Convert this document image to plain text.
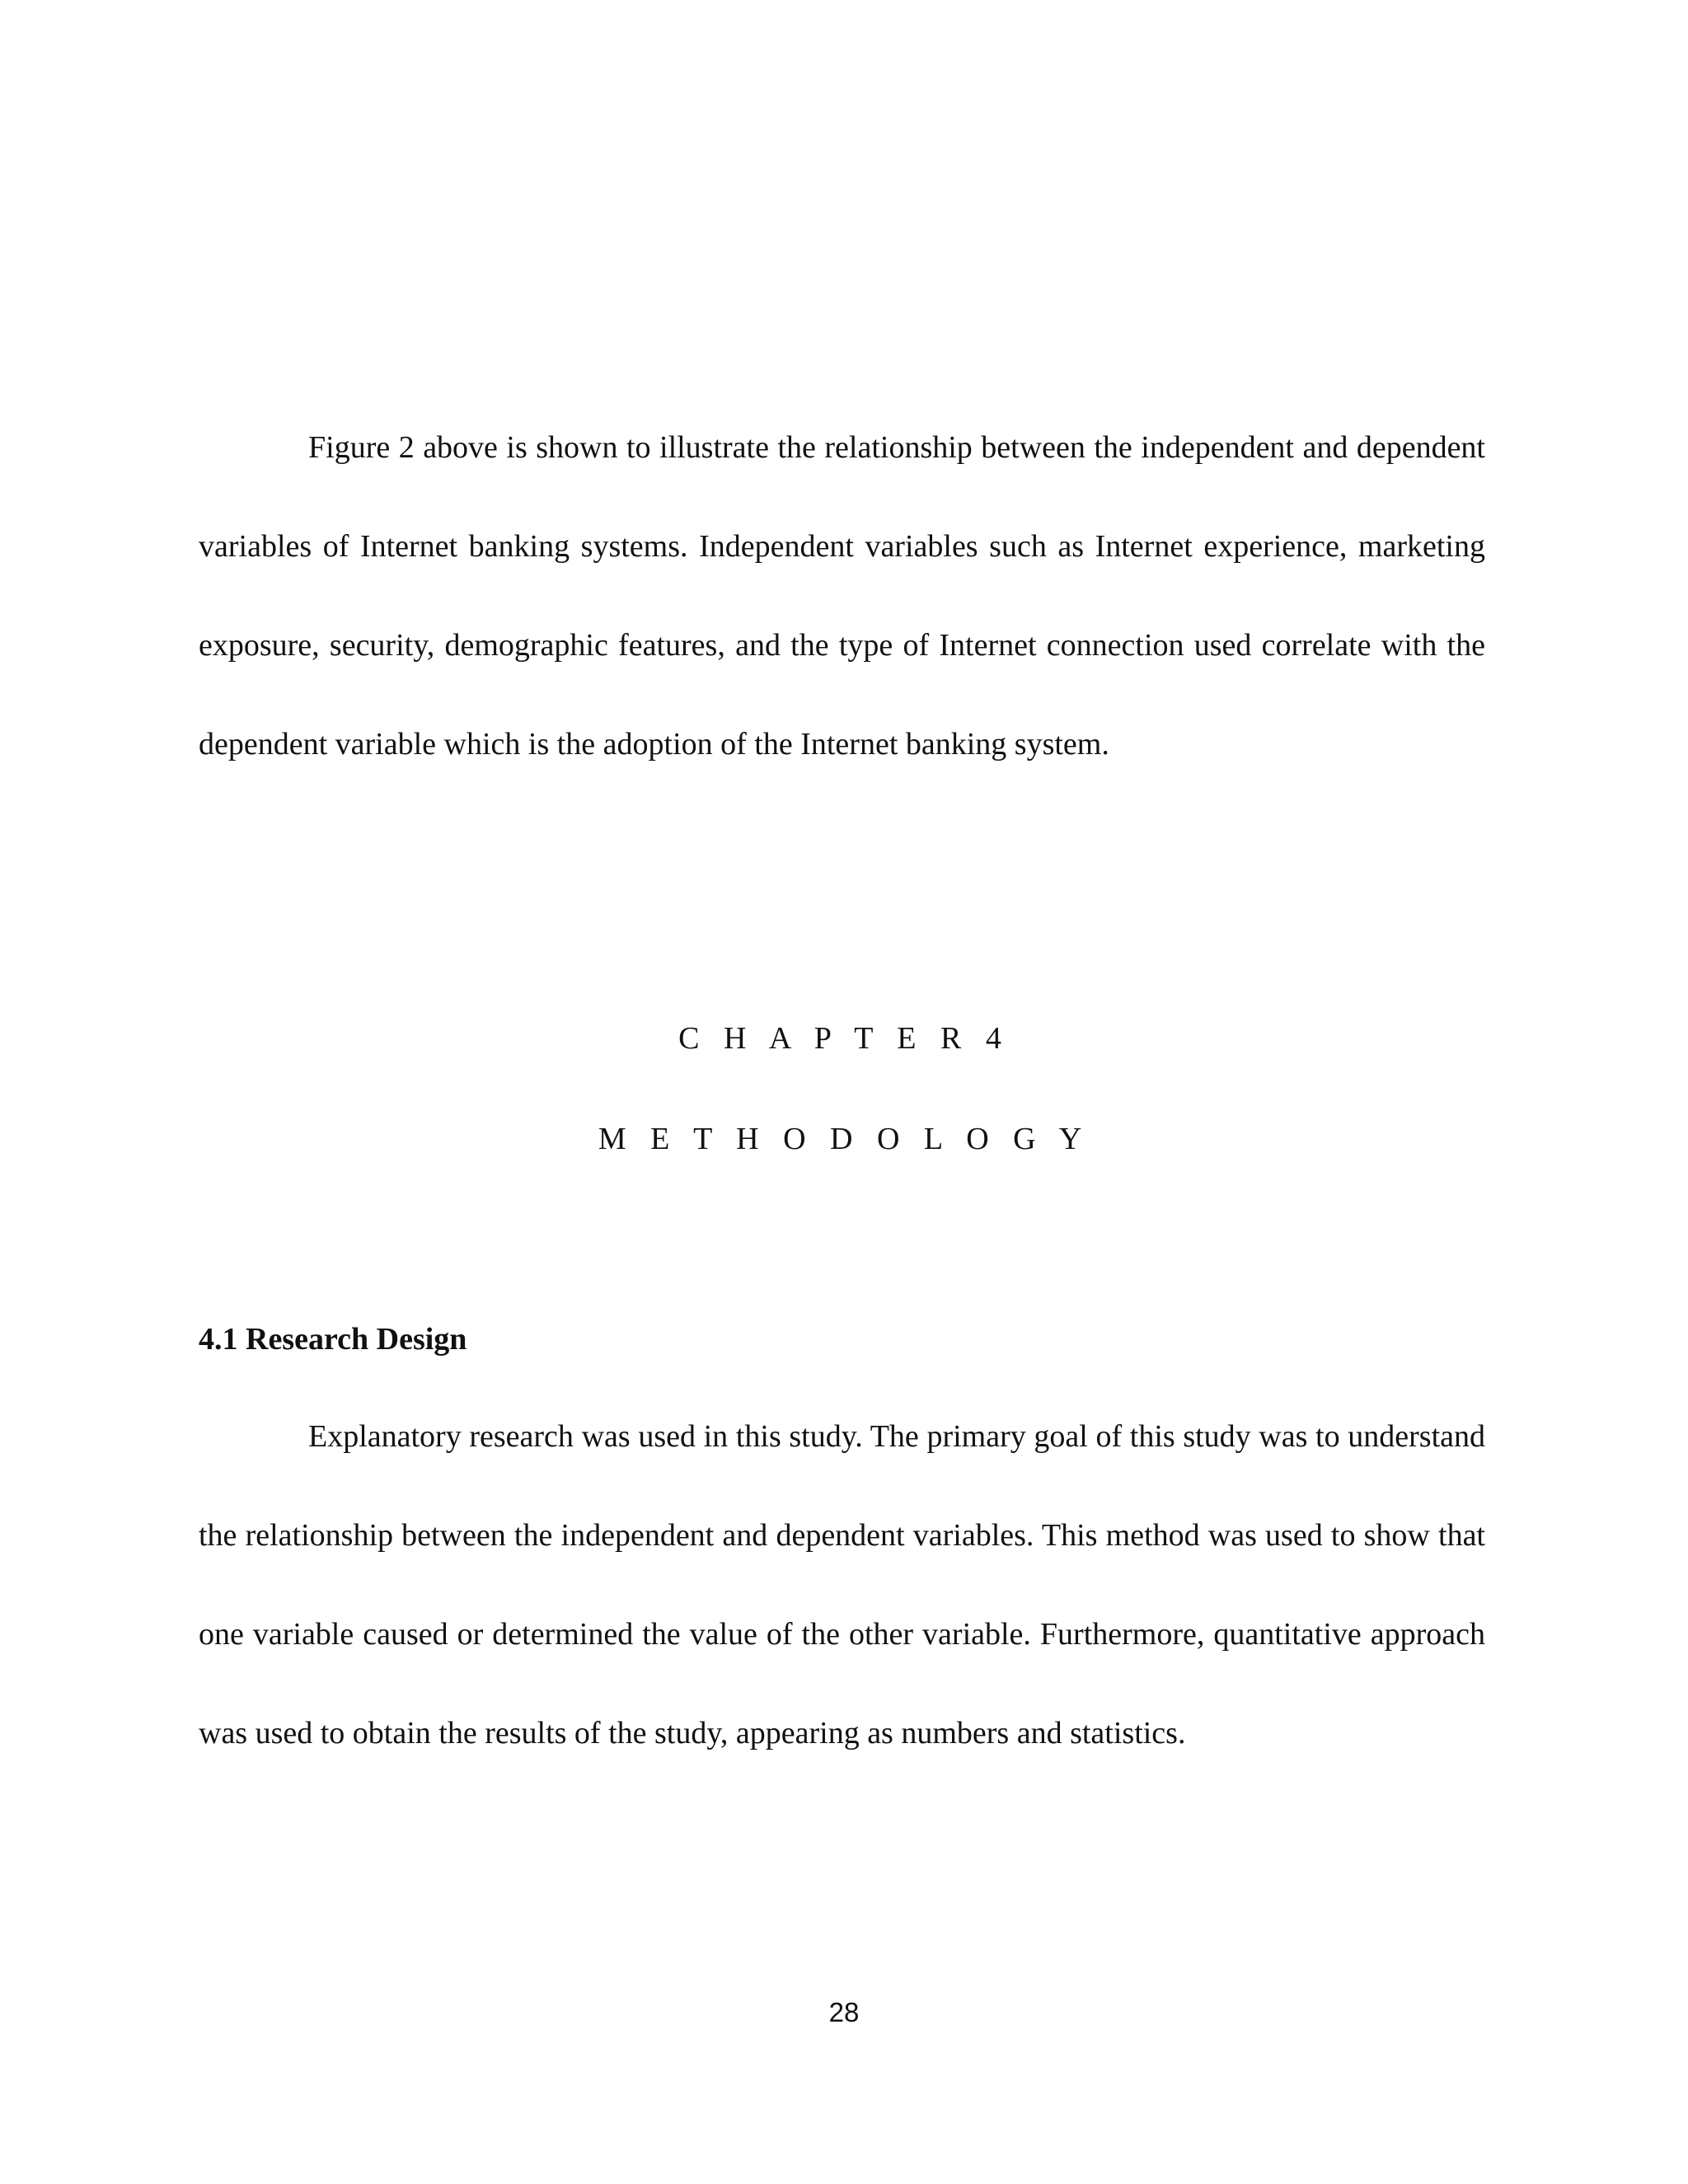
Figure 2 above is shown to illustrate the relationship between the independent and dependent variables of Internet banking systems. Independent variables such as Internet experience, marketing exposure, security, demographic features, and the type of Internet connection used correlate with the dependent variable which is the adoption of the Internet banking system.

C H A P T E R 4

M E T H O D O L O G Y

4.1 Research Design

Explanatory research was used in this study. The primary goal of this study was to understand the relationship between the independent and dependent variables. This method was used to show that one variable caused or determined the value of the other variable. Furthermore, quantitative approach was used to obtain the results of the study, appearing as numbers and statistics.

28
